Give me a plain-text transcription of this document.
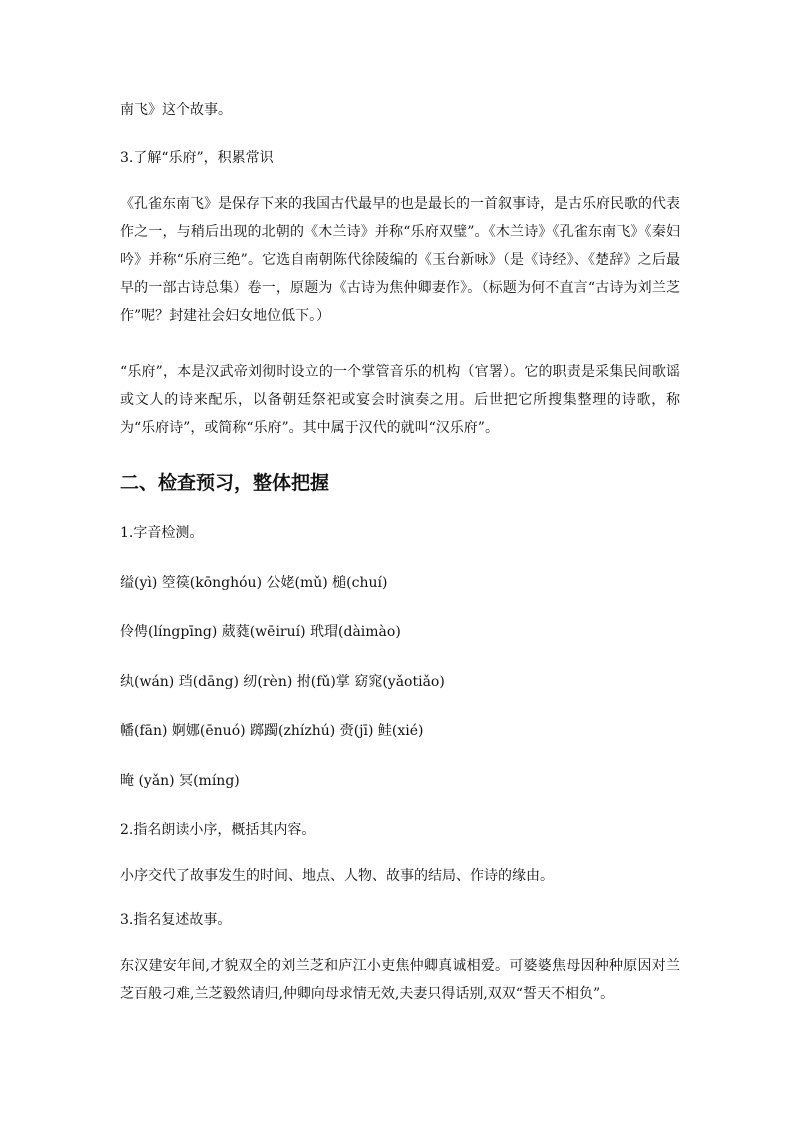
南飞》这个故事。

3.了解“乐府”，积累常识

《孔雀东南飞》是保存下来的我国古代最早的也是最长的一首叙事诗，是古乐府民歌的代表作之一，与稍后出现的北朝的《木兰诗》并称“乐府双璧”。《木兰诗》《孔雀东南飞》《秦妇吟》并称“乐府三绝”。它选自南朝陈代徐陵编的《玉台新咏》（是《诗经》、《楚辞》之后最早的一部古诗总集）卷一，原题为《古诗为焦仲卿妻作》。（标题为何不直言“古诗为刘兰芝作”呢？封建社会妇女地位低下。）

“乐府”，本是汉武帝刘彻时设立的一个掌管音乐的机构（官署）。它的职责是采集民间歌谣或文人的诗来配乐，以备朝廷祭祀或宴会时演奏之用。后世把它所搜集整理的诗歌，称为“乐府诗”，或简称“乐府”。其中属于汉代的就叫“汉乐府”。

二、检查预习，整体把握

1.字音检测。

缢(yì) 箜篌(kōnghóu) 公姥(mǔ) 槌(chuí)

伶俜(língpīng) 葳蕤(wēiruí) 玳瑁(dàimào)

纨(wán) 珰(dāng) 纫(rèn) 拊(fǔ)掌 窈窕(yǎotiǎo)

幡(fān) 婀娜(ēnuó) 踯躅(zhízhú) 赍(jī) 鲑(xié)

晻 (yǎn) 冥(míng)

2.指名朗读小序，概括其内容。

小序交代了故事发生的时间、地点、人物、故事的结局、作诗的缘由。

3.指名复述故事。

东汉建安年间,才貌双全的刘兰芝和庐江小吏焦仲卿真诚相爱。可婆婆焦母因种种原因对兰芝百般刁难,兰芝毅然请归,仲卿向母求情无效,夫妻只得话别,双双“誓天不相负”。
